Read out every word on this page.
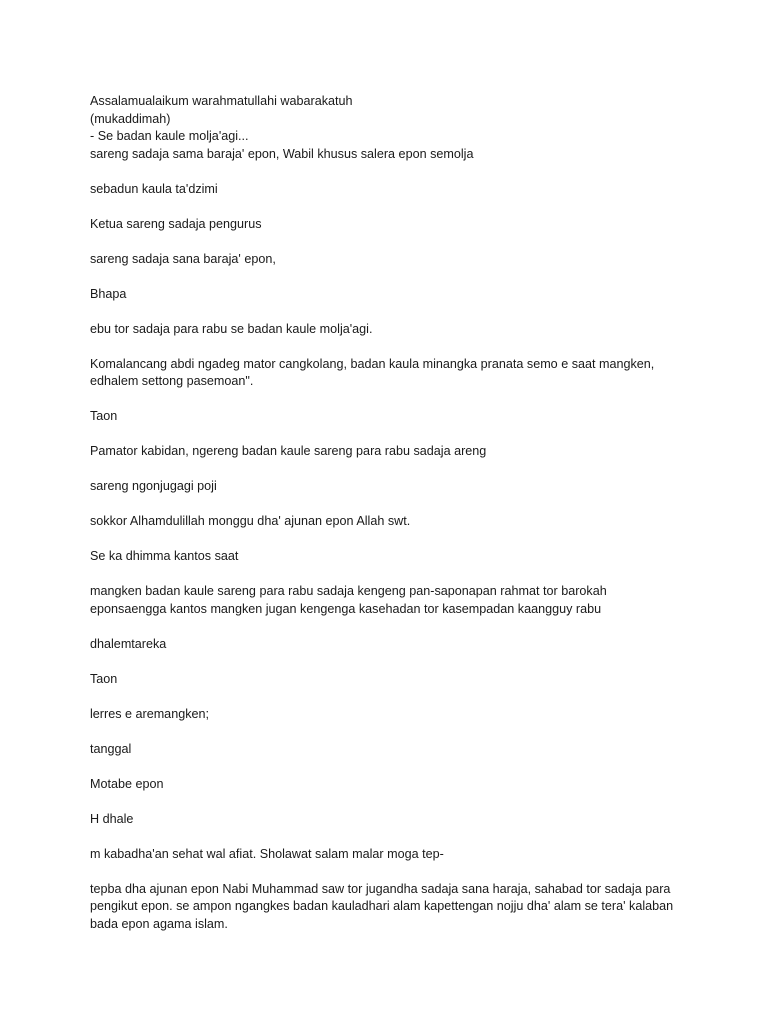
Assalamualaikum warahmatullahi wabarakatuh
(mukaddimah)
- Se badan kaule molja'agi...
sareng sadaja sama baraja' epon, Wabil khusus salera epon semolja
sebadun kaula ta'dzimi
Ketua sareng sadaja pengurus
sareng sadaja sana baraja' epon,
Bhapa
ebu tor sadaja para rabu se badan kaule molja'agi.
Komalancang abdi ngadeg mator cangkolang, badan kaula minangka pranata semo e saat mangken,
edhalem settong pasemoan".
Taon
Pamator kabidan, ngereng badan kaule sareng para rabu sadaja areng
sareng ngonjugagi poji
sokkor Alhamdulillah monggu dha' ajunan epon Allah swt.
Se ka dhimma kantos saat
mangken badan kaule sareng para rabu sadaja kengeng pan-saponapan rahmat tor barokah
eponsaengga kantos mangken jugan kengenga kasehadan tor kasempadan kaangguy rabu
dhalemtareka
Taon
lerres e aremangken;
tanggal
Motabe epon
H dhale
m kabadha'an sehat wal afiat. Sholawat salam malar moga tep-
tepba dha ajunan epon Nabi Muhammad saw tor jugandha sadaja sana haraja, sahabad tor sadaja para
pengikut epon. se ampon ngangkes badan kauladhari alam kapettengan nojju dha' alam se tera' kalaban
bada epon agama islam.
